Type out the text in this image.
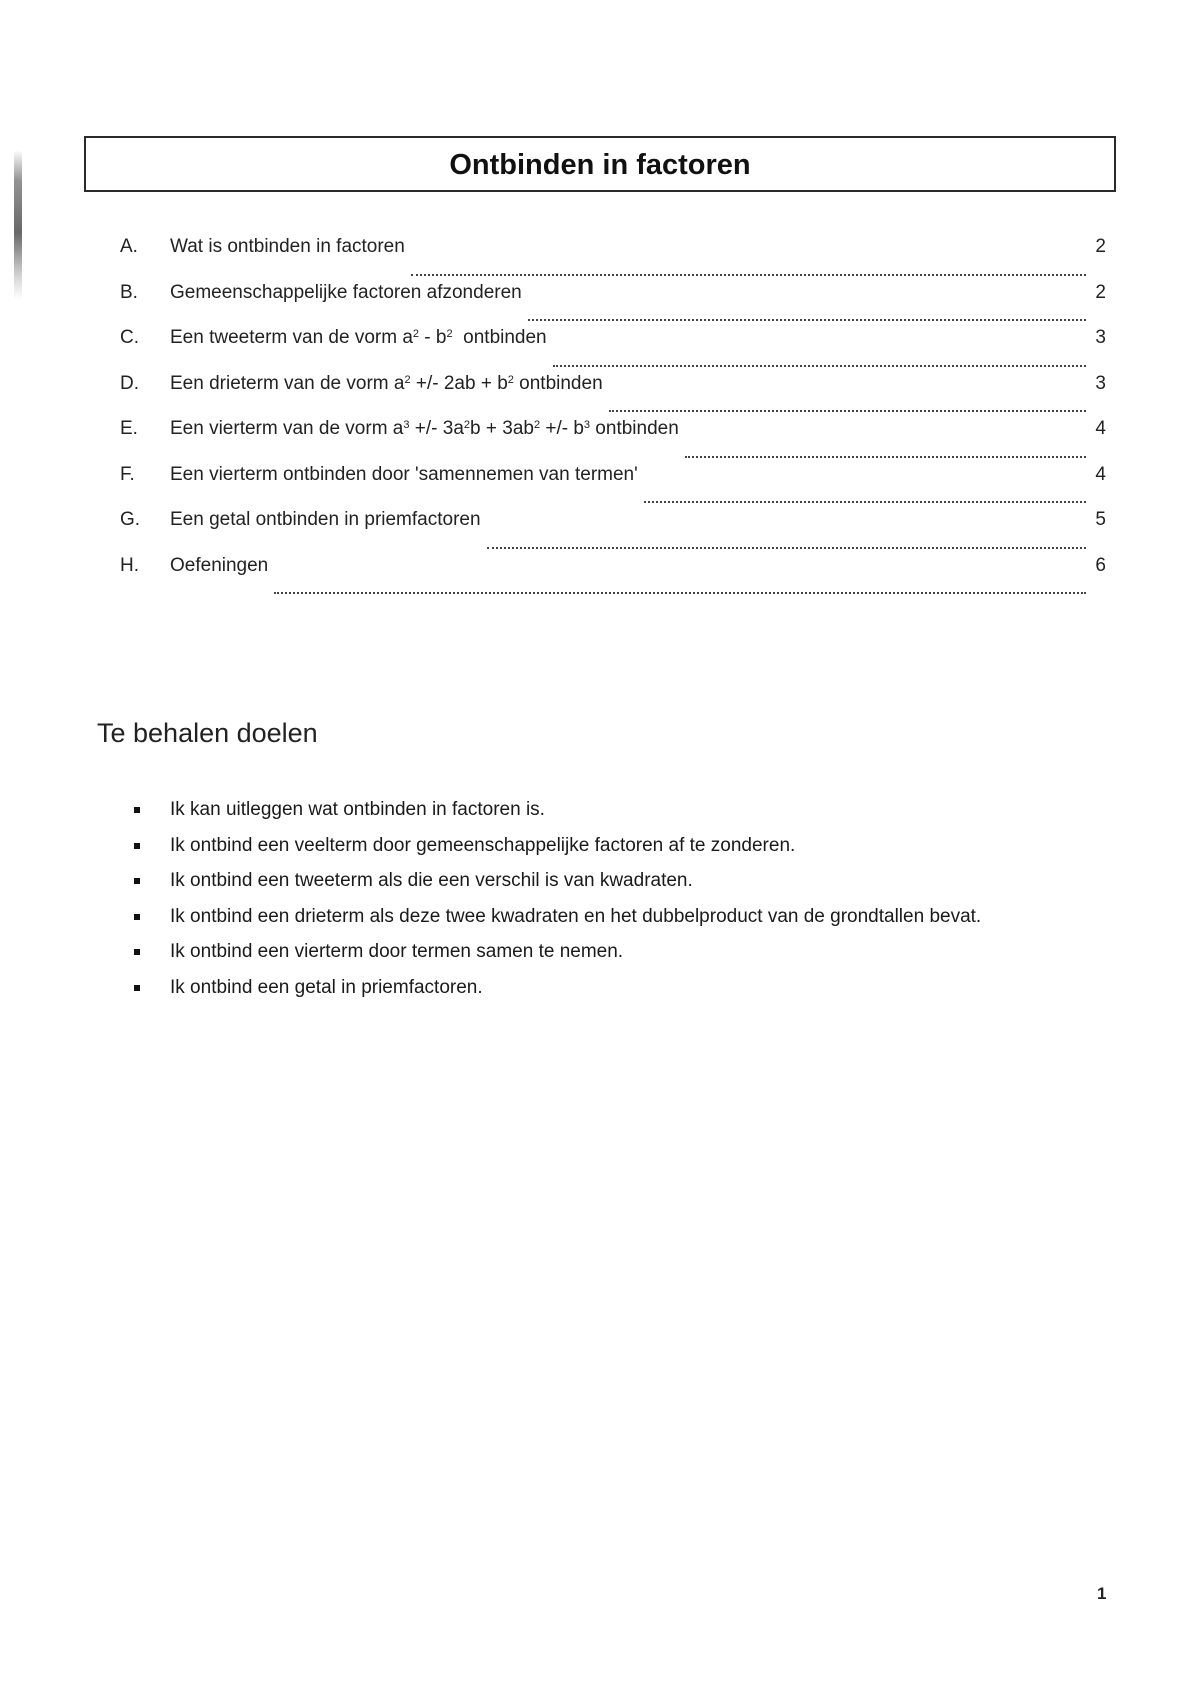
Ontbinden in factoren
A.	Wat is ontbinden in factoren	2
B.	Gemeenschappelijke factoren afzonderen	2
C.	Een tweeterm van de vorm $a^2 - b^2$  ontbinden	3
D.	Een drieterm van de vorm $a^2$ +/- $2ab + b^2$ ontbinden	3
E.	Een vierterm van de vorm $a^3$ +/- $3a^2b + 3ab^2$ +/- $b^3$ ontbinden	4
F.	Een vierterm ontbinden door 'samennemen van termen'	4
G.	Een getal ontbinden in priemfactoren	5
H.	Oefeningen	6
Te behalen doelen
Ik kan uitleggen wat ontbinden in factoren is.
Ik ontbind een veelterm door gemeenschappelijke factoren af te zonderen.
Ik ontbind een tweeterm als die een verschil is van kwadraten.
Ik ontbind een drieterm als deze twee kwadraten en het dubbelproduct van de grondtallen bevat.
Ik ontbind een vierterm door termen samen te nemen.
Ik ontbind een getal in priemfactoren.
1
